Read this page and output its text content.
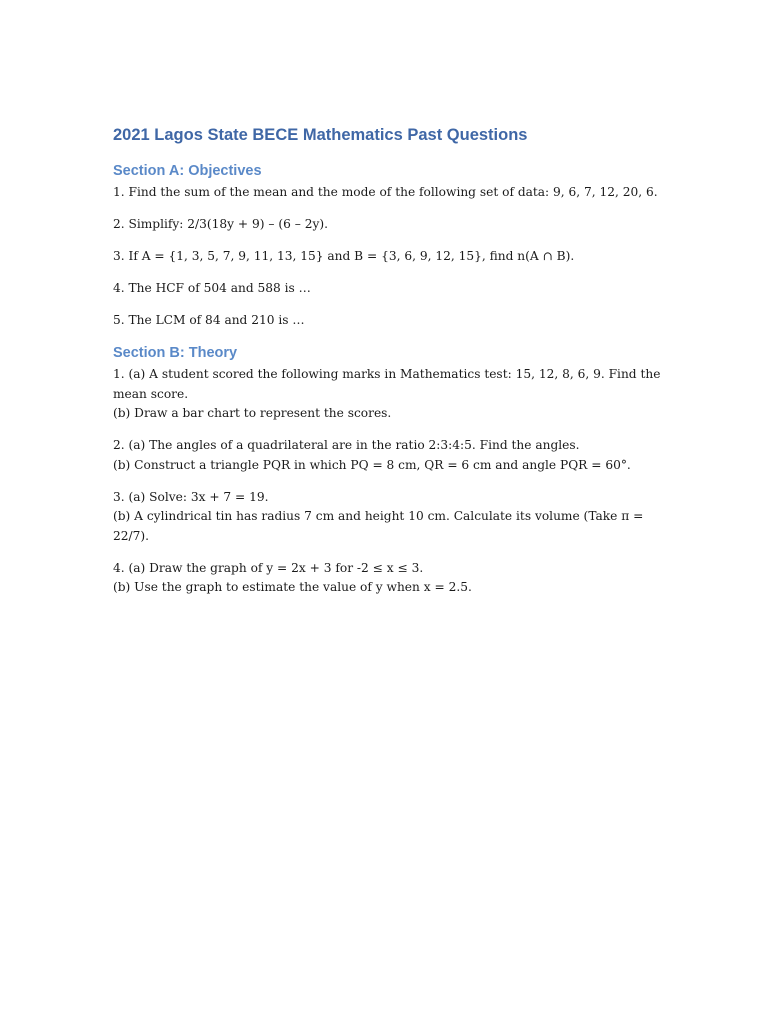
2021 Lagos State BECE Mathematics Past Questions
Section A: Objectives

1. Find the sum of the mean and the mode of the following set of data: 9, 6, 7, 12, 20, 6.

2. Simplify: 2/3(18y + 9) – (6 – 2y).

3. If A = {1, 3, 5, 7, 9, 11, 13, 15} and B = {3, 6, 9, 12, 15}, find n(A ∩ B).

4. The HCF of 504 and 588 is …

5. The LCM of 84 and 210 is …

Section B: Theory
1. (a) A student scored the following marks in Mathematics test: 15, 12, 8, 6, 9. Find the
mean score.
(b) Draw a bar chart to represent the scores.
2. (a) The angles of a quadrilateral are in the ratio 2:3:4:5. Find the angles.
(b) Construct a triangle PQR in which PQ = 8 cm, QR = 6 cm and angle PQR = 60°.
3. (a) Solve: 3x + 7 = 19.
(b) A cylindrical tin has radius 7 cm and height 10 cm. Calculate its volume (Take π = 22/7).
4. (a) Draw the graph of y = 2x + 3 for -2 ≤ x ≤ 3.
(b) Use the graph to estimate the value of y when x = 2.5.
